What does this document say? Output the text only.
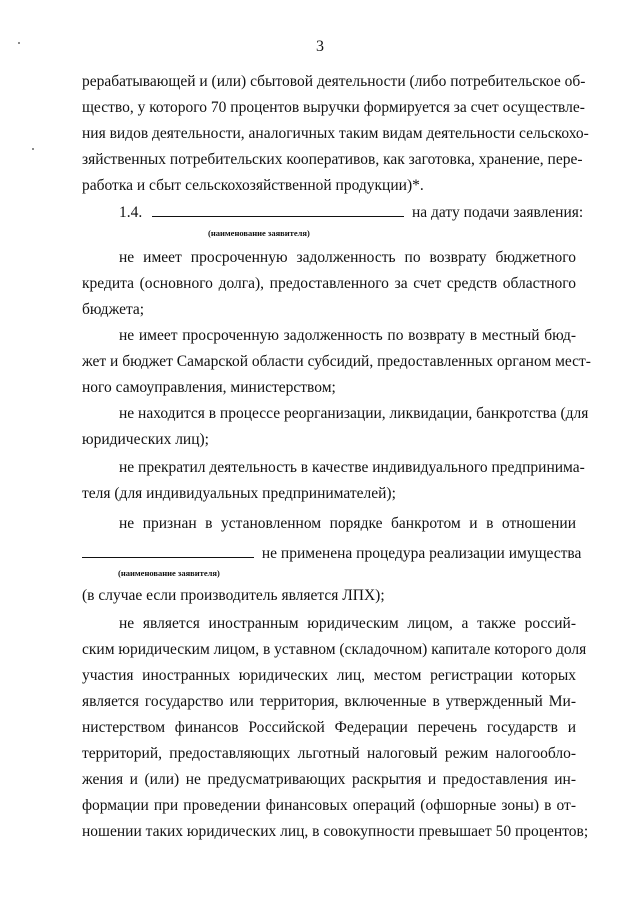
3
рерабатывающей и (или) сбытовой деятельности (либо потребительское об-
щество, у которого 70 процентов выручки формируется за счет осуществле-
ния видов деятельности, аналогичных таким видам деятельности сельскохо-
зяйственных потребительских кооперативов, как заготовка, хранение, пере-
работка и сбыт сельскохозяйственной продукции)*.
1.4.	на дату подачи заявления:
(наименование заявителя)
не имеет просроченную задолженность по возврату бюджетного
кредита (основного долга), предоставленного за счет средств областного
бюджета;
не имеет просроченную задолженность по возврату в местный бюд-
жет и бюджет Самарской области субсидий, предоставленных органом мест-
ного самоуправления, министерством;
не находится в процессе реорганизации, ликвидации, банкротства (для
юридических лиц);
не прекратил деятельность в качестве индивидуального предпринима-
теля (для индивидуальных предпринимателей);
не признан в установленном порядке банкротом и в отношении
не применена процедура реализации имущества
(наименование заявителя)
(в случае если производитель является ЛПХ);
не является иностранным юридическим лицом, а также россий-
ским юридическим лицом, в уставном (складочном) капитале которого доля
участия иностранных юридических лиц, местом регистрации которых
является государство или территория, включенные в утвержденный Ми-
нистерством финансов Российской Федерации перечень государств и
территорий, предоставляющих льготный налоговый режим налогообло-
жения и (или) не предусматривающих раскрытия и предоставления ин-
формации при проведении финансовых операций (офшорные зоны) в от-
ношении таких юридических лиц, в совокупности превышает 50 процентов;
